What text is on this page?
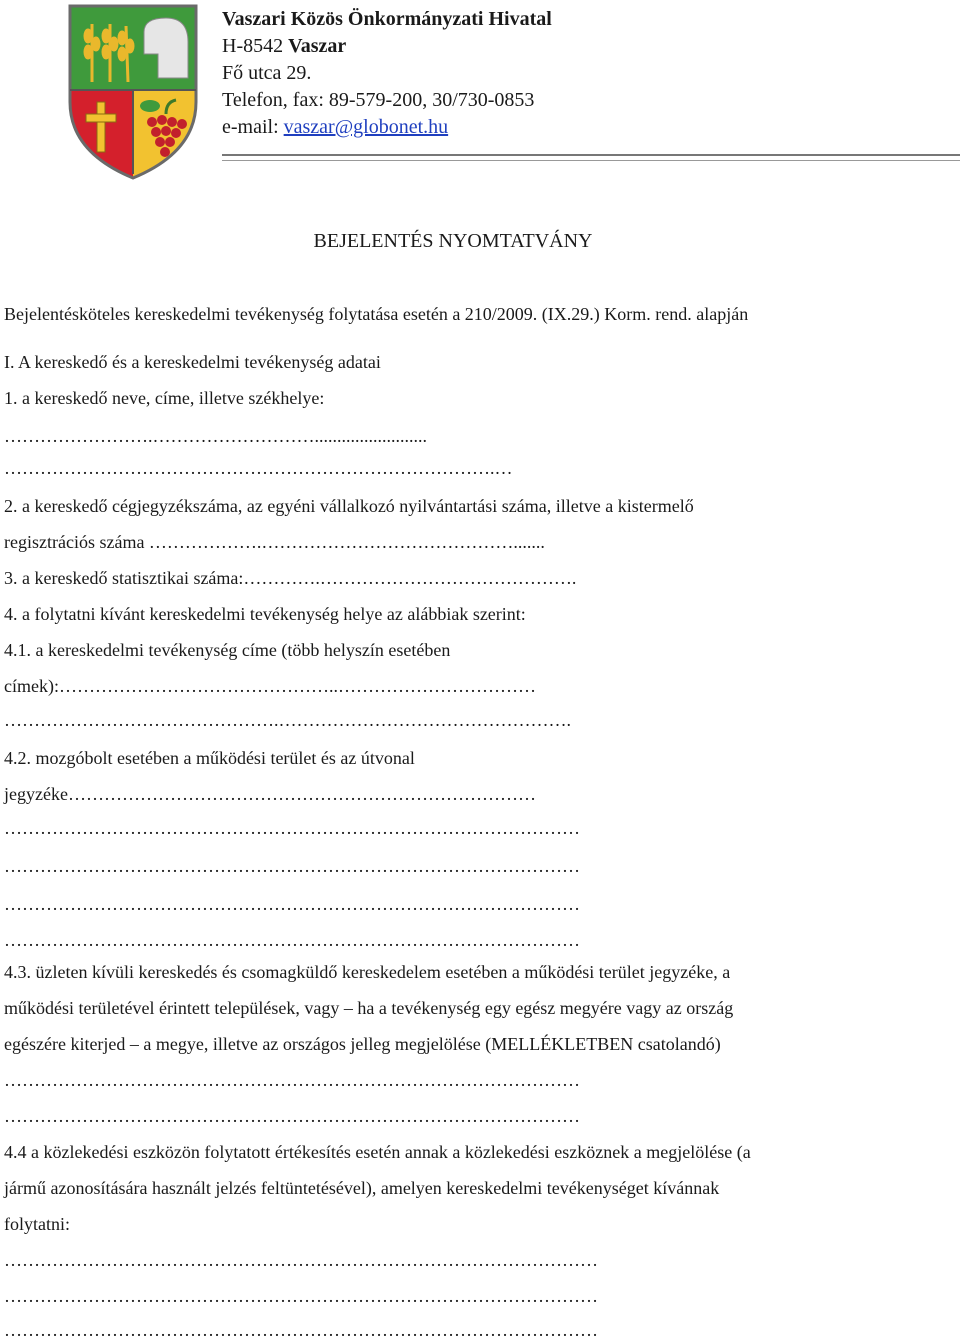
Vaszari Közös Önkormányzati Hivatal
H-8542 Vaszar
Fő utca 29.
Telefon, fax: 89-579-200, 30/730-0853
e-mail: vaszar@globonet.hu
BEJELENTÉS NYOMTATVÁNY
Bejelentésköteles kereskedelmi tevékenység folytatása esetén a 210/2009. (IX.29.) Korm. rend. alapján
I. A kereskedő és a kereskedelmi tevékenység adatai
1. a kereskedő neve, címe, illetve székhelye:
…………………….……………………….........................
……………………………………………………………………….…
2. a kereskedő cégjegyzékszáma, az egyéni vállalkozó nyilvántartási száma, illetve a kistermelő
regisztrációs száma ……………….…………………………………….......
3. a kereskedő statisztikai száma:………….…………………………………….
4. a folytatni kívánt kereskedelmi tevékenység helye az alábbiak szerint:
4.1. a kereskedelmi tevékenység címe (több helyszín esetében
címek):………………………………………..……………………………
……………………………………….………………………………………….
4.2. mozgóbolt esetében a működési terület és az útvonal
jegyzéke……………………………………………………………………
……………………………………………………………………………………
……………………………………………………………………………………
……………………………………………………………………………………
……………………………………………………………………………………
4.3. üzleten kívüli kereskedés és csomagküldő kereskedelem esetében a működési terület jegyzéke, a
működési területével érintett települések, vagy – ha a tevékenység egy egész megyére vagy az ország
egészére kiterjed – a megye, illetve az országos jelleg megjelölése (MELLÉKLETBEN csatolandó)
……………………………………………………………………………………
……………………………………………………………………………………
4.4 a közlekedési eszközön folytatott értékesítés esetén annak a közlekedési eszköznek a megjelölése (a
jármű azonosítására használt jelzés feltüntetésével), amelyen kereskedelmi tevékenységet kívánnak
folytatni:
………………………………………………………………………………………
………………………………………………………………………………………
………………………………………………………………………………………
